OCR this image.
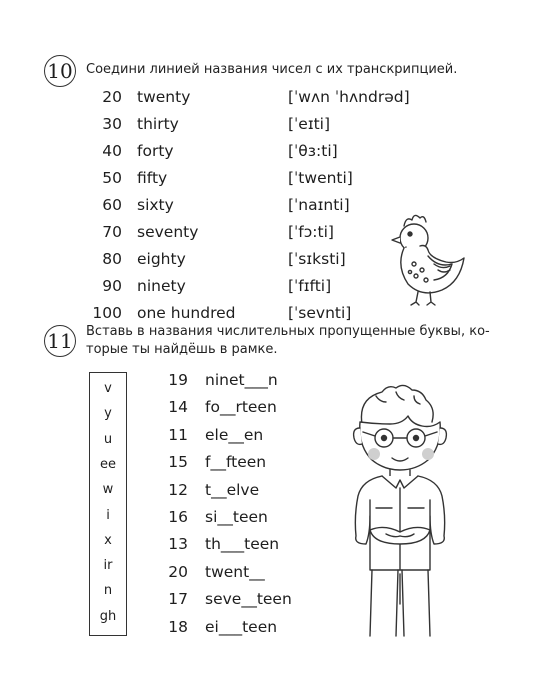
10 Соедини линией названия чисел с их транскрипцией.
20 twenty	[ˈwʌn ˈhʌndrəd]
30 thirty	[ˈeɪti]
40 forty	[ˈθɜ:ti]
50 fifty	[ˈtwenti]
60 sixty	[ˈnaɪnti]
70 seventy	[ˈfɔ:ti]
80 eighty	[ˈsɪksti]
90 ninety	[ˈfɪfti]
100 one hundred	[ˈsevnti]
11 Вставь в названия числительных пропущенные буквы, ко-
торые ты найдёшь в рамке.
v
y
u
ee
w
i
x
ir
n
gh
19 ninet___n
14 fo__rteen
11 ele__en
15 f__fteen
12 t__elve
16 si__teen
13 th___teen
20 twent__
17 seve__teen
18 ei___teen
